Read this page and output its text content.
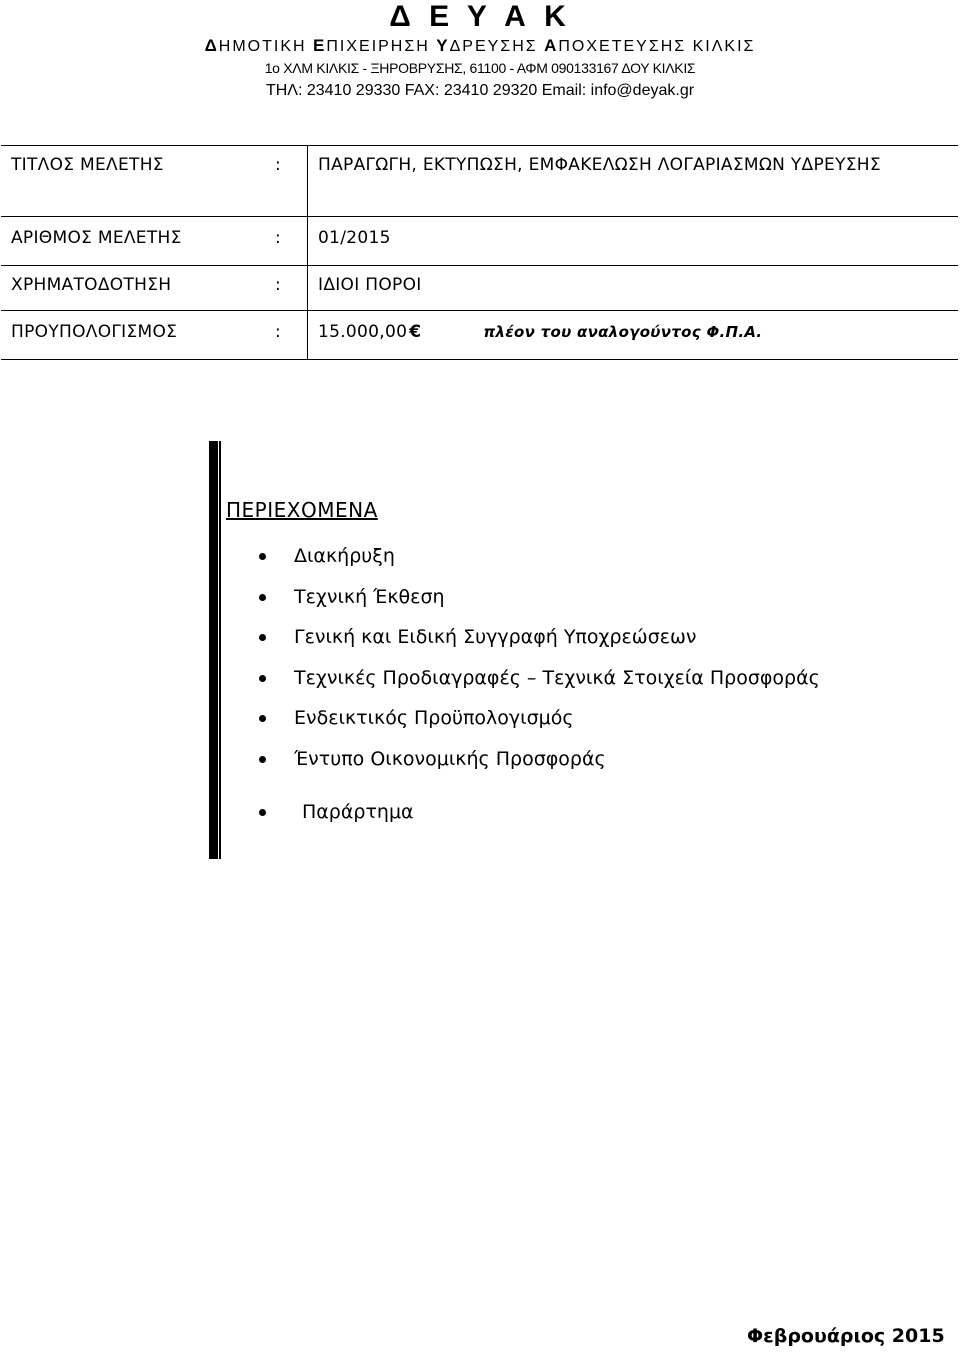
Δ Ε Υ Α Κ
ΔΗΜΟΤΙΚΗ ΕΠΙΧΕΙΡΗΣΗ ΥΔΡΕΥΣΗΣ ΑΠΟΧΕΤΕΥΣΗΣ ΚΙΛΚΙΣ
1ο ΧΛΜ ΚΙΛΚΙΣ - ΞΗΡΟΒΡΥΣΗΣ, 61100 - ΑΦΜ 090133167 ΔΟΥ ΚΙΛΚΙΣ
ΤΗΛ: 23410 29330 FAX: 23410 29320 Email: info@deyak.gr
ΤΙΤΛΟΣ ΜΕΛΕΤΗΣ	:	ΠΑΡΑΓΩΓΗ, ΕΚΤΥΠΩΣΗ, ΕΜΦΑΚΕΛΩΣΗ ΛΟΓΑΡΙΑΣΜΩΝ ΥΔΡΕΥΣΗΣ
ΑΡΙΘΜΟΣ ΜΕΛΕΤΗΣ	:	01/2015
ΧΡΗΜΑΤΟΔΟΤΗΣΗ	:	ΙΔΙΟΙ ΠΟΡΟΙ
ΠΡΟΥΠΟΛΟΓΙΣΜΟΣ	:	15.000,00 € πλέον του αναλογούντος Φ.Π.Α.
ΠΕΡΙΕΧΟΜΕΝΑ
Διακήρυξη
Τεχνική Έκθεση
Γενική και Ειδική Συγγραφή Υποχρεώσεων
Τεχνικές Προδιαγραφές – Τεχνικά Στοιχεία Προσφοράς
Ενδεικτικός Προϋπολογισμός
Έντυπο Οικονομικής Προσφοράς
Παράρτημα
Φεβρουάριος 2015
